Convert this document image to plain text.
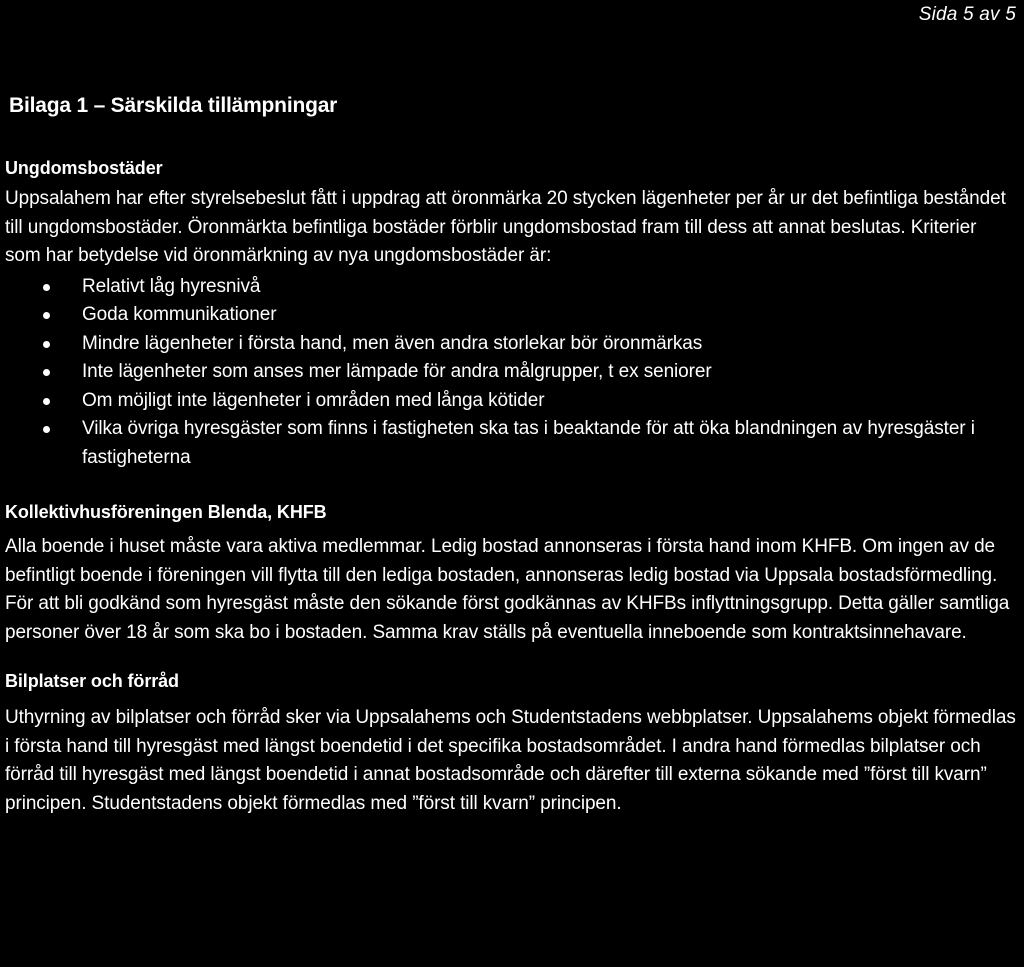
Sida 5 av 5
Bilaga 1 – Särskilda tillämpningar
Ungdomsbostäder

Uppsalahem har efter styrelsebeslut fått i uppdrag att öronmärka 20 stycken lägenheter per år ur det befintliga beståndet till ungdomsbostäder. Öronmärkta befintliga bostäder förblir ungdomsbostad fram till dess att annat beslutas. Kriterier som har betydelse vid öronmärkning av nya ungdomsbostäder är:

Relativt låg hyresnivå
Goda kommunikationer
Mindre lägenheter i första hand, men även andra storlekar bör öronmärkas
Inte lägenheter som anses mer lämpade för andra målgrupper, t ex seniorer
Om möjligt inte lägenheter i områden med långa kötider
Vilka övriga hyresgäster som finns i fastigheten ska tas i beaktande för att öka blandningen av hyresgäster i fastigheterna
Kollektivhusföreningen Blenda, KHFB

Alla boende i huset måste vara aktiva medlemmar. Ledig bostad annonseras i första hand inom KHFB. Om ingen av de befintligt boende i föreningen vill flytta till den lediga bostaden, annonseras ledig bostad via Uppsala bostadsförmedling. För att bli godkänd som hyresgäst måste den sökande först godkännas av KHFBs inflyttningsgrupp. Detta gäller samtliga personer över 18 år som ska bo i bostaden. Samma krav ställs på eventuella inneboende som kontraktsinnehavare.

Bilplatser och förråd

Uthyrning av bilplatser och förråd sker via Uppsalahems och Studentstadens webbplatser. Uppsalahems objekt förmedlas i första hand till hyresgäst med längst boendetid i det specifika bostadsområdet. I andra hand förmedlas bilplatser och förråd till hyresgäst med längst boendetid i annat bostadsområde och därefter till externa sökande med ”först till kvarn” principen. Studentstadens objekt förmedlas med ”först till kvarn” principen.
